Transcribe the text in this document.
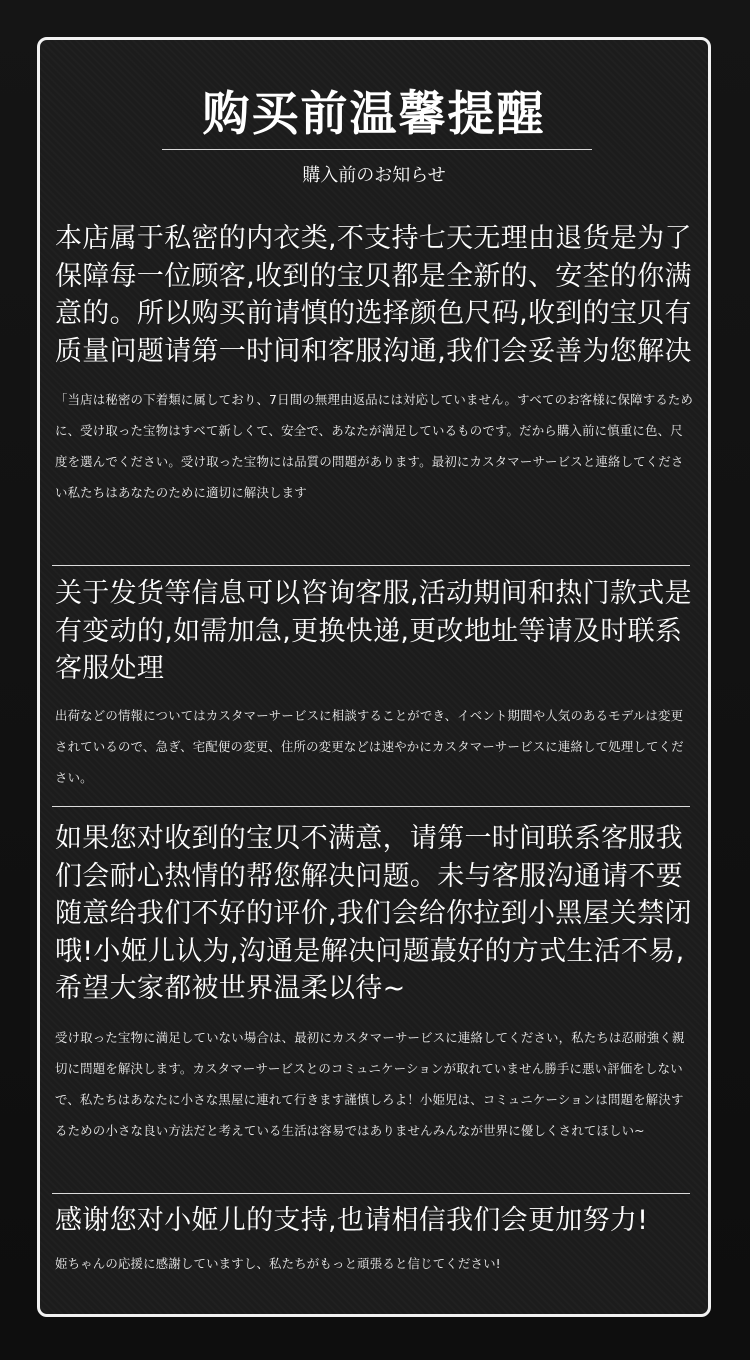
购买前温馨提醒
購入前のお知らせ
本店属于私密的内衣类,不支持七天无理由退货是为了保障每一位顾客,收到的宝贝都是全新的、安荃的你满意的。所以购买前请慎的选择颜色尺码,收到的宝贝有质量问题请第一时间和客服沟通,我们会妥善为您解决
「当店は秘密の下着類に属しており、7日間の無理由返品には対応していません。すべてのお客様に保障するために、受け取った宝物はすべて新しくて、安全で、あなたが満足しているものです。だから購入前に慎重に色、尺度を選んでください。受け取った宝物には品質の問題があります。最初にカスタマーサービスと連絡してください私たちはあなたのために適切に解決します
关于发货等信息可以咨询客服,活动期间和热门款式是有变动的,如需加急,更换快递,更改地址等请及时联系客服处理
出荷などの情報についてはカスタマーサービスに相談することができ、イベント期間や人気のあるモデルは変更されているので、急ぎ、宅配便の変更、住所の変更などは速やかにカスタマーサービスに連絡して処理してください。
如果您对收到的宝贝不满意，请第一时间联系客服我们会耐心热情的帮您解决问题。未与客服沟通请不要随意给我们不好的评价,我们会给你拉到小黑屋关禁闭哦!小姬儿认为,沟通是解决问题蕞好的方式生活不易,希望大家都被世界温柔以待~
受け取った宝物に満足していない場合は、最初にカスタマーサービスに連絡してください，私たちは忍耐強く親切に問題を解決します。カスタマーサービスとのコミュニケーションが取れていません勝手に悪い評価をしないで、私たちはあなたに小さな黒屋に連れて行きます謹慎しろよ！小姫児は、コミュニケーションは問題を解決するための小さな良い方法だと考えている生活は容易ではありませんみんなが世界に優しくされてほしい~
感谢您对小姬儿的支持,也请相信我们会更加努力!
姫ちゃんの応援に感謝していますし、私たちがもっと頑張ると信じてください!
